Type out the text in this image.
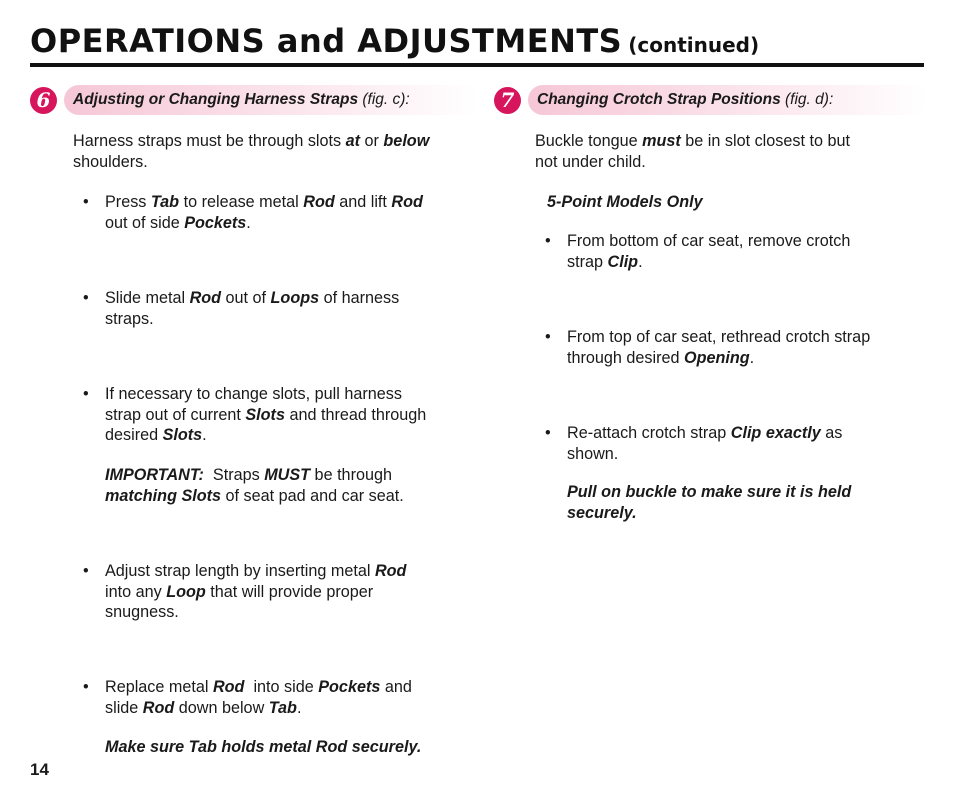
OPERATIONS and ADJUSTMENTS (continued)
6	Adjusting or Changing Harness Straps (fig. c):

Harness straps must be through slots at or below

shoulders.

• Press Tab to release metal Rod and lift Rod

out of side Pockets.

• Slide metal Rod out of Loops of harness

straps.

• If necessary to change slots, pull harness

strap out of current Slots and thread through

desired Slots.

IMPORTANT:  Straps MUST be through

matching Slots of seat pad and car seat.

• Adjust strap length by inserting metal Rod

into any Loop that will provide proper

snugness.

• Replace metal Rod  into side Pockets and

slide Rod down below Tab.

Make sure Tab holds metal Rod securely.
7	Changing Crotch Strap Positions (fig. d):

Buckle tongue must be in slot closest to but

not under child.

5-Point Models Only
• From bottom of car seat, remove crotch

strap Clip.

• From top of car seat, rethread crotch strap

through desired Opening.

• Re-attach crotch strap Clip exactly as

shown.

Pull on buckle to make sure it is held securely.
14
